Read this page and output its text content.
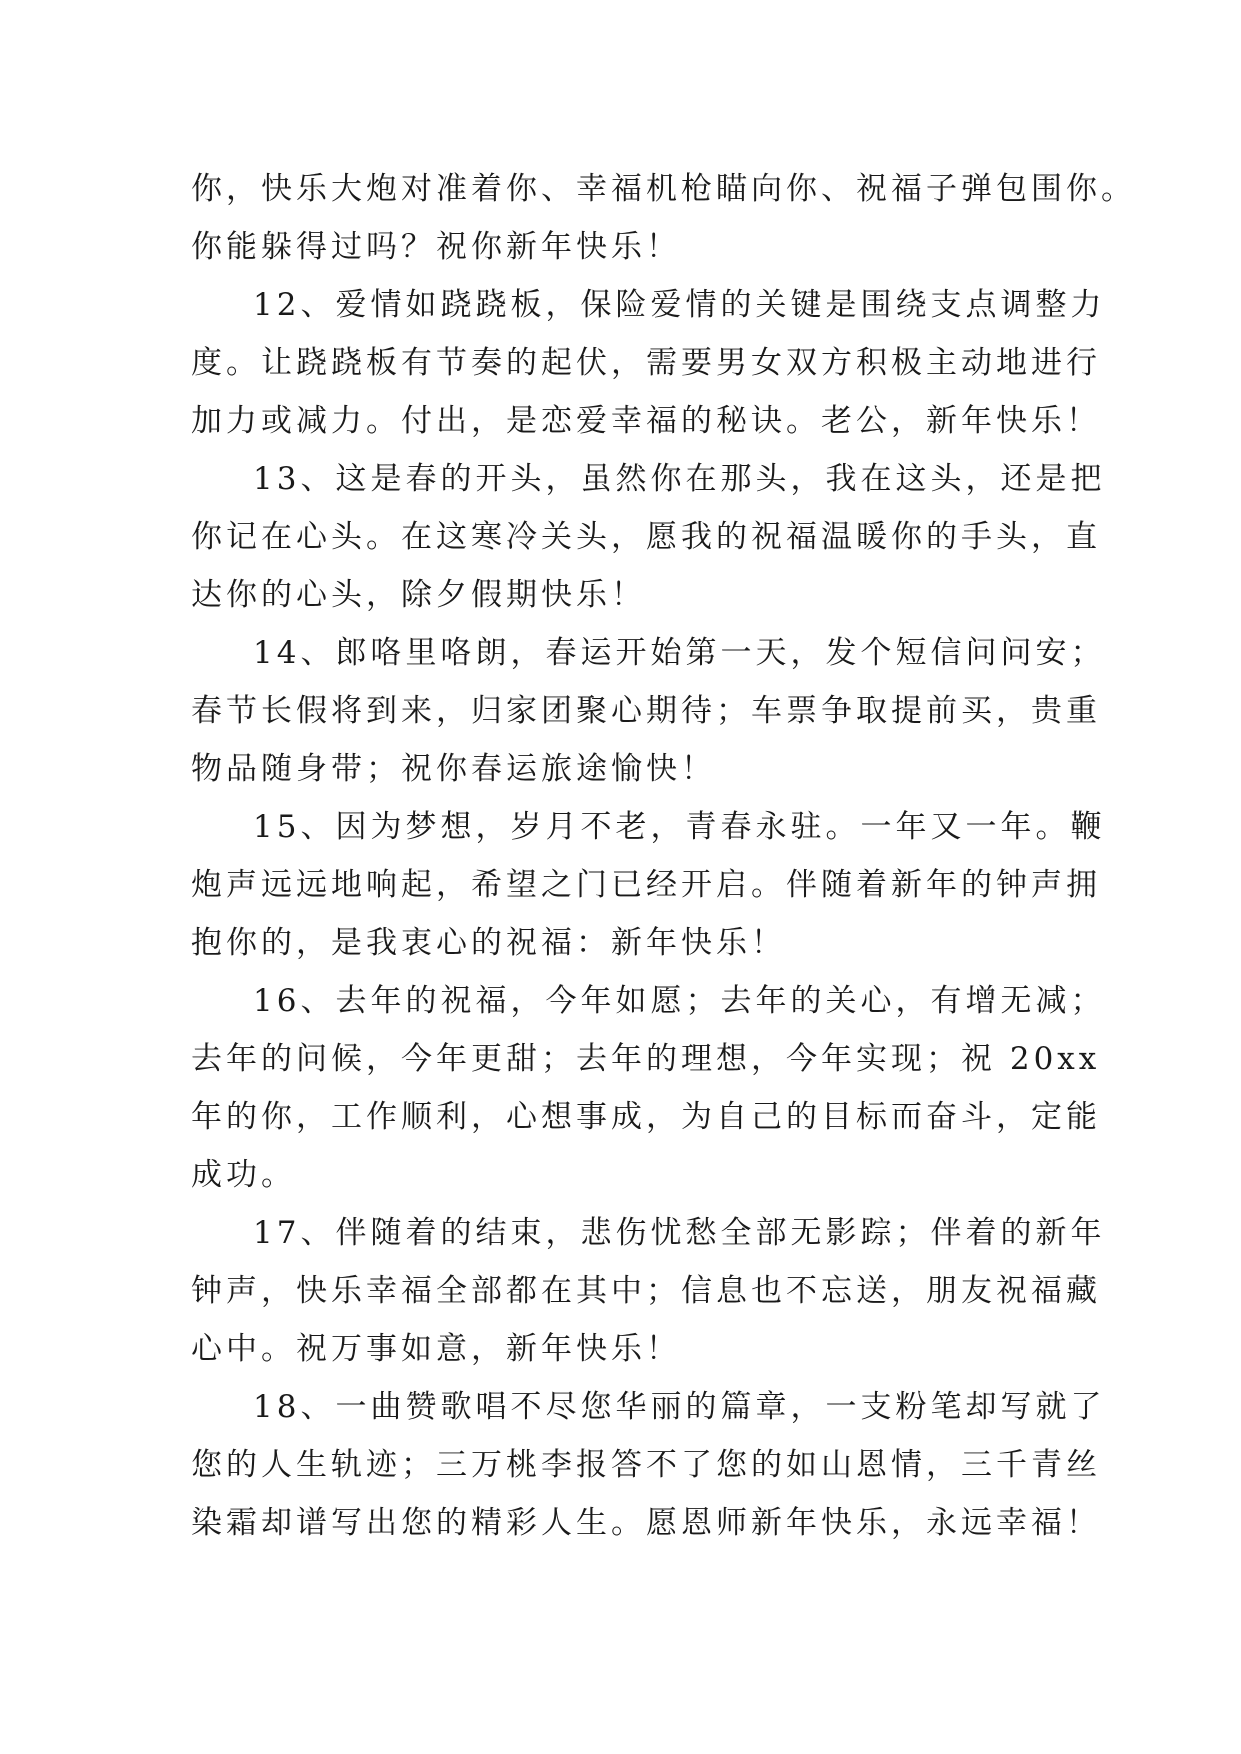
你，快乐大炮对准着你、幸福机枪瞄向你、祝福子弹包围你。
你能躲得过吗？祝你新年快乐！
12、爱情如跷跷板，保险爱情的关键是围绕支点调整力
度。让跷跷板有节奏的起伏，需要男女双方积极主动地进行
加力或减力。付出，是恋爱幸福的秘诀。老公，新年快乐！
13、这是春的开头，虽然你在那头，我在这头，还是把
你记在心头。在这寒冷关头，愿我的祝福温暖你的手头，直
达你的心头，除夕假期快乐！
14、郎咯里咯朗，春运开始第一天，发个短信问问安；
春节长假将到来，归家团聚心期待；车票争取提前买，贵重
物品随身带；祝你春运旅途愉快！
15、因为梦想，岁月不老，青春永驻。一年又一年。鞭
炮声远远地响起，希望之门已经开启。伴随着新年的钟声拥
抱你的，是我衷心的祝福：新年快乐！
16、去年的祝福，今年如愿；去年的关心，有增无减；
去年的问候，今年更甜；去年的理想，今年实现；祝 20xx
年的你，工作顺利，心想事成，为自己的目标而奋斗，定能
成功。
17、伴随着的结束，悲伤忧愁全部无影踪；伴着的新年
钟声，快乐幸福全部都在其中；信息也不忘送，朋友祝福藏
心中。祝万事如意，新年快乐！
18、一曲赞歌唱不尽您华丽的篇章，一支粉笔却写就了
您的人生轨迹；三万桃李报答不了您的如山恩情，三千青丝
染霜却谱写出您的精彩人生。愿恩师新年快乐，永远幸福！
